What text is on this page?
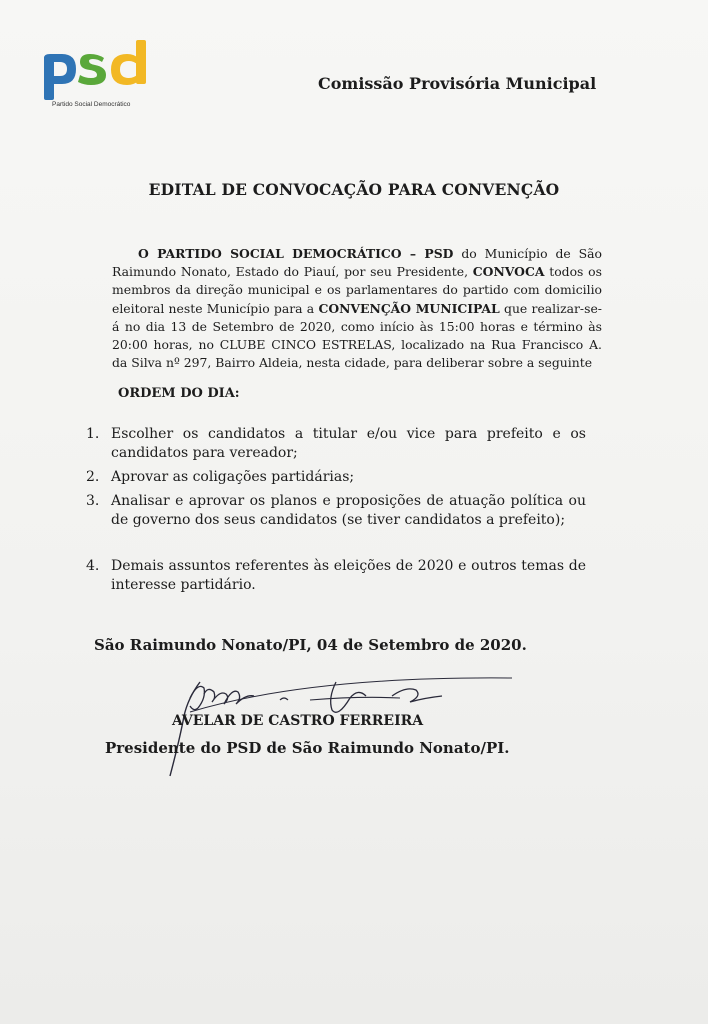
Partido Social Democrático
Comissão Provisória Municipal
EDITAL DE CONVOCAÇÃO PARA CONVENÇÃO
O PARTIDO SOCIAL DEMOCRÁTICO – PSD do Município de São Raimundo Nonato, Estado do Piauí, por seu Presidente, CONVOCA todos os membros da direção municipal e os parlamentares do partido com domicilio eleitoral neste Município para a CONVENÇÃO MUNICIPAL que realizar-se-á no dia 13 de Setembro de 2020, como início às 15:00 horas e término às 20:00 horas, no CLUBE CINCO ESTRELAS, localizado na Rua Francisco A. da Silva nº 297, Bairro Aldeia, nesta cidade, para deliberar sobre a seguinte
ORDEM DO DIA:
1. Escolher os candidatos a titular e/ou vice para prefeito e os candidatos para vereador;
2. Aprovar as coligações partidárias;
3. Analisar e aprovar os planos e proposições de atuação política ou de governo dos seus candidatos (se tiver candidatos a prefeito);
4. Demais assuntos referentes às eleições de 2020 e outros temas de interesse partidário.
São Raimundo Nonato/PI, 04 de Setembro de 2020.
AVELAR DE CASTRO FERREIRA
Presidente do PSD de São Raimundo Nonato/PI.
